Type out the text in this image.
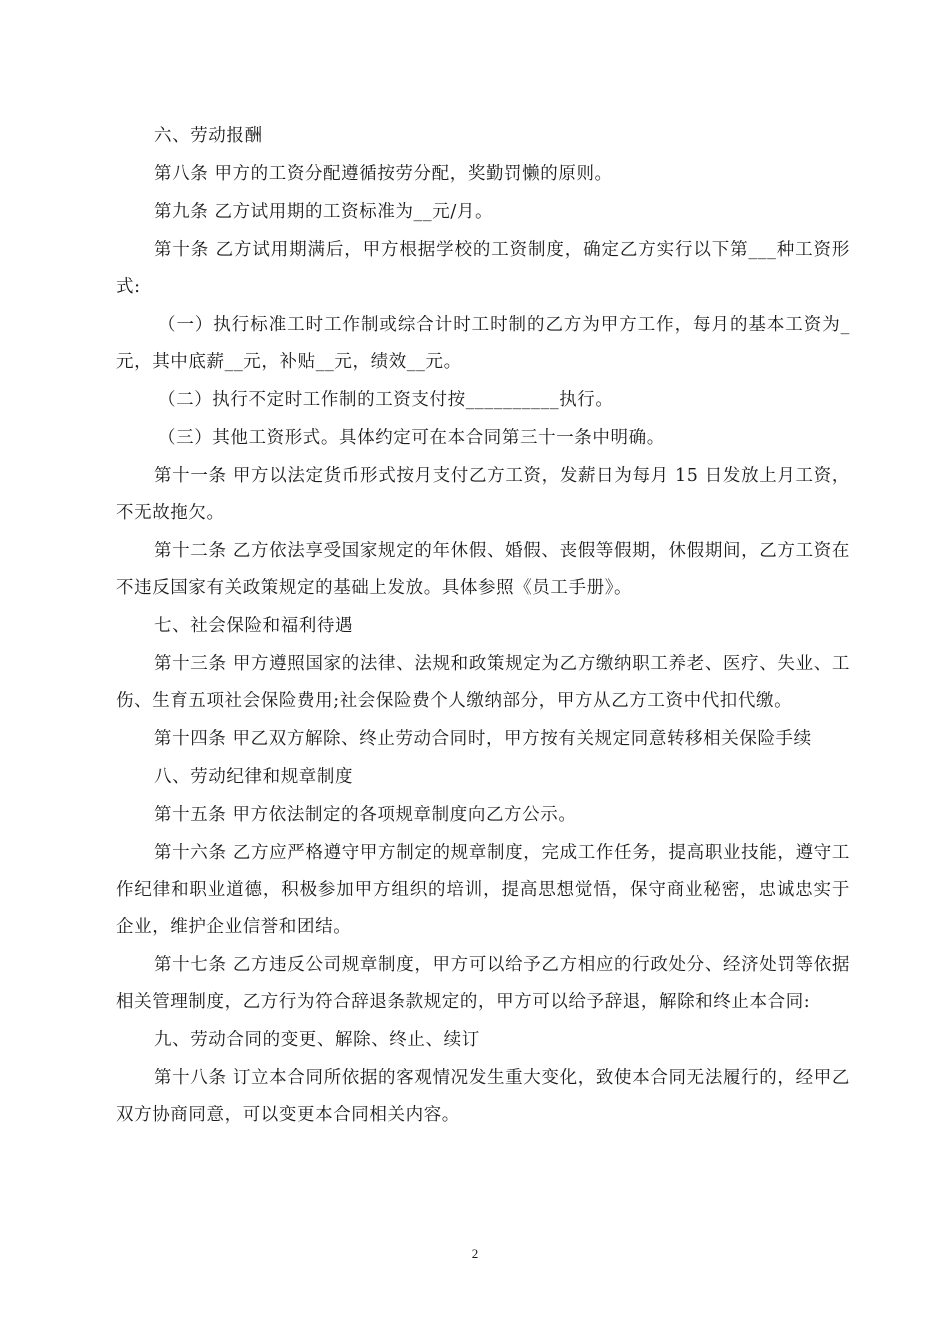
六、劳动报酬

第八条 甲方的工资分配遵循按劳分配，奖勤罚懒的原则。

第九条 乙方试用期的工资标准为__元/月。

第十条 乙方试用期满后，甲方根据学校的工资制度，确定乙方实行以下第___种工资形式:

（一）执行标准工时工作制或综合计时工时制的乙方为甲方工作，每月的基本工资为_元，其中底薪__元，补贴__元，绩效__元。

（二）执行不定时工作制的工资支付按__________执行。

（三）其他工资形式。具体约定可在本合同第三十一条中明确。

第十一条 甲方以法定货币形式按月支付乙方工资，发薪日为每月 15 日发放上月工资，不无故拖欠。

第十二条 乙方依法享受国家规定的年休假、婚假、丧假等假期，休假期间，乙方工资在不违反国家有关政策规定的基础上发放。具体参照《员工手册》。

七、社会保险和福利待遇

第十三条 甲方遵照国家的法律、法规和政策规定为乙方缴纳职工养老、医疗、失业、工伤、生育五项社会保险费用;社会保险费个人缴纳部分，甲方从乙方工资中代扣代缴。

第十四条 甲乙双方解除、终止劳动合同时，甲方按有关规定同意转移相关保险手续

八、劳动纪律和规章制度

第十五条 甲方依法制定的各项规章制度向乙方公示。

第十六条 乙方应严格遵守甲方制定的规章制度，完成工作任务，提高职业技能，遵守工作纪律和职业道德，积极参加甲方组织的培训，提高思想觉悟，保守商业秘密，忠诚忠实于企业，维护企业信誉和团结。

第十七条 乙方违反公司规章制度，甲方可以给予乙方相应的行政处分、经济处罚等依据相关管理制度，乙方行为符合辞退条款规定的，甲方可以给予辞退，解除和终止本合同:

九、劳动合同的变更、解除、终止、续订

第十八条 订立本合同所依据的客观情况发生重大变化，致使本合同无法履行的，经甲乙双方协商同意，可以变更本合同相关内容。

2
